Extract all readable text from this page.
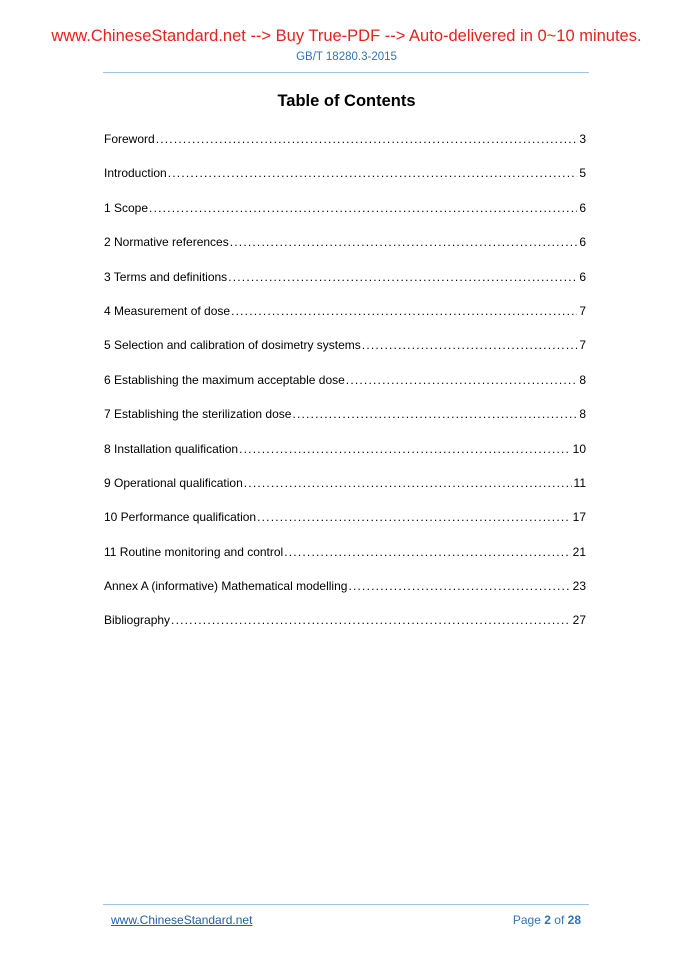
www.ChineseStandard.net --> Buy True-PDF --> Auto-delivered in 0~10 minutes.
GB/T 18280.3-2015
Table of Contents
Foreword .....	3
Introduction .....	5
1 Scope .....	6
2 Normative references .....	6
3 Terms and definitions .....	6
4 Measurement of dose .....	7
5 Selection and calibration of dosimetry systems .....	7
6 Establishing the maximum acceptable dose .....	8
7 Establishing the sterilization dose .....	8
8 Installation qualification .....	10
9 Operational qualification .....	11
10 Performance qualification .....	17
11 Routine monitoring and control .....	21
Annex A (informative) Mathematical modelling .....	23
Bibliography .....	27
www.ChineseStandard.net	Page 2 of 28
